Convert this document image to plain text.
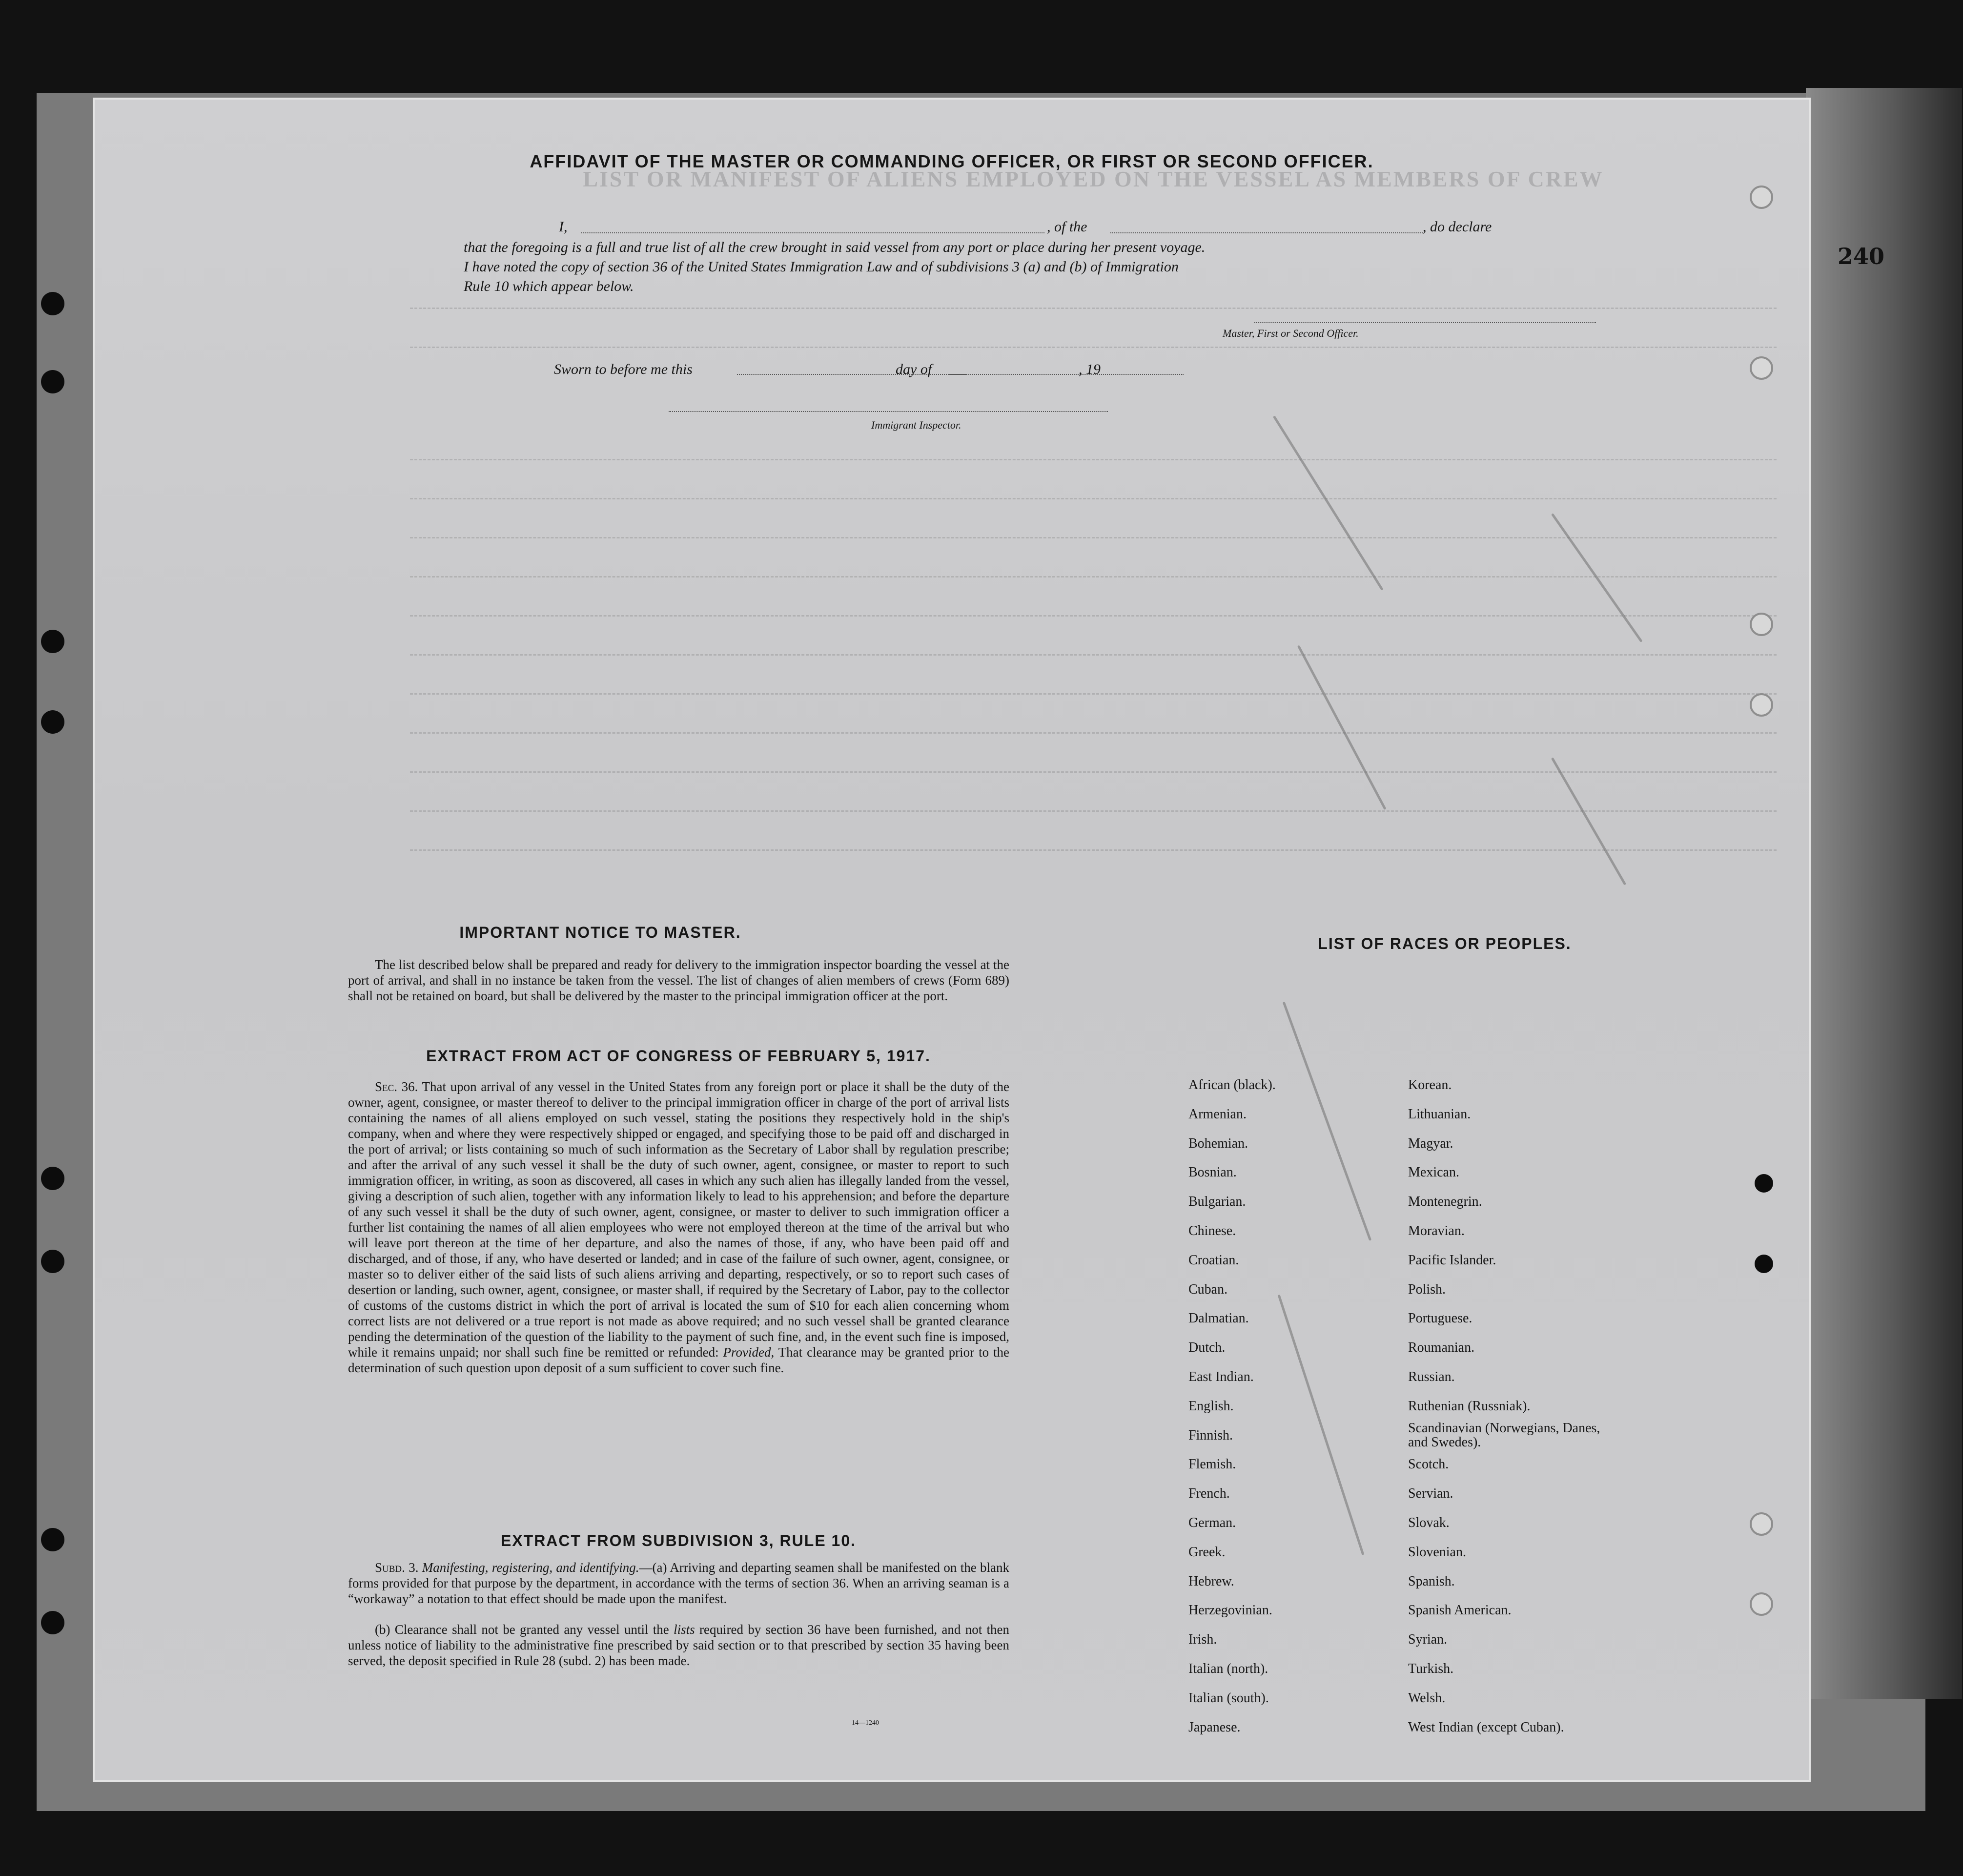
LIST OR MANIFEST OF ALIENS EMPLOYED ON THE VESSEL AS MEMBERS OF CREW
AFFIDAVIT OF THE MASTER OR COMMANDING OFFICER, OR FIRST OR SECOND OFFICER.
I,	, of the	, do declare
that the foregoing is a full and true list of all the crew brought in said vessel from any port or place during her present voyage.
I have noted the copy of section 36 of the United States Immigration Law and of subdivisions 3 (a) and (b) of Immigration
Rule 10 which appear below.
Master, First or Second Officer.
Sworn to before me this	day of	, 19
Immigrant Inspector.
IMPORTANT NOTICE TO MASTER.

The list described below shall be prepared and ready for delivery to the immigration inspector boarding the vessel at the port of arrival, and shall in no instance be taken from the vessel. The list of changes of alien members of crews (Form 689) shall not be retained on board, but shall be delivered by the master to the principal immigration officer at the port.

EXTRACT FROM ACT OF CONGRESS OF FEBRUARY 5, 1917.

Sec. 36. That upon arrival of any vessel in the United States from any foreign port or place it shall be the duty of the owner, agent, consignee, or master thereof to deliver to the principal immigration officer in charge of the port of arrival lists containing the names of all aliens employed on such vessel, stating the positions they respectively hold in the ship's company, when and where they were respectively shipped or engaged, and specifying those to be paid off and discharged in the port of arrival; or lists containing so much of such information as the Secretary of Labor shall by regulation prescribe; and after the arrival of any such vessel it shall be the duty of such owner, agent, consignee, or master to report to such immigration officer, in writing, as soon as discovered, all cases in which any such alien has illegally landed from the vessel, giving a description of such alien, together with any information likely to lead to his apprehension; and before the departure of any such vessel it shall be the duty of such owner, agent, consignee, or master to deliver to such immigration officer a further list containing the names of all alien employees who were not employed thereon at the time of the arrival but who will leave port thereon at the time of her departure, and also the names of those, if any, who have been paid off and discharged, and of those, if any, who have deserted or landed; and in case of the failure of such owner, agent, consignee, or master so to deliver either of the said lists of such aliens arriving and departing, respectively, or so to report such cases of desertion or landing, such owner, agent, consignee, or master shall, if required by the Secretary of Labor, pay to the collector of customs of the customs district in which the port of arrival is located the sum of $10 for each alien concerning whom correct lists are not delivered or a true report is not made as above required; and no such vessel shall be granted clearance pending the determination of the question of the liability to the payment of such fine, and, in the event such fine is imposed, while it remains unpaid; nor shall such fine be remitted or refunded: Provided, That clearance may be granted prior to the determination of such question upon deposit of a sum sufficient to cover such fine.

EXTRACT FROM SUBDIVISION 3, RULE 10.

Subd. 3. Manifesting, registering, and identifying.—(a) Arriving and departing seamen shall be manifested on the blank forms provided for that purpose by the department, in accordance with the terms of section 36. When an arriving seaman is a “workaway” a notation to that effect should be made upon the manifest.

(b) Clearance shall not be granted any vessel until the lists required by section 36 have been furnished, and not then unless notice of liability to the administrative fine prescribed by said section or to that prescribed by section 35 having been served, the deposit specified in Rule 28 (subd. 2) has been made.

LIST OF RACES OR PEOPLES.
African (black).
Armenian.
Bohemian.
Bosnian.
Bulgarian.
Chinese.
Croatian.
Cuban.
Dalmatian.
Dutch.
East Indian.
English.
Finnish.
Flemish.
French.
German.
Greek.
Hebrew.
Herzegovinian.
Irish.
Italian (north).
Italian (south).
Japanese.
Korean.
Lithuanian.
Magyar.
Mexican.
Montenegrin.
Moravian.
Pacific Islander.
Polish.
Portuguese.
Roumanian.
Russian.
Ruthenian (Russniak).
Scandinavian (Norwegians, Danes, and Swedes).
Scotch.
Servian.
Slovak.
Slovenian.
Spanish.
Spanish American.
Syrian.
Turkish.
Welsh.
West Indian (except Cuban).
14—1240
240
